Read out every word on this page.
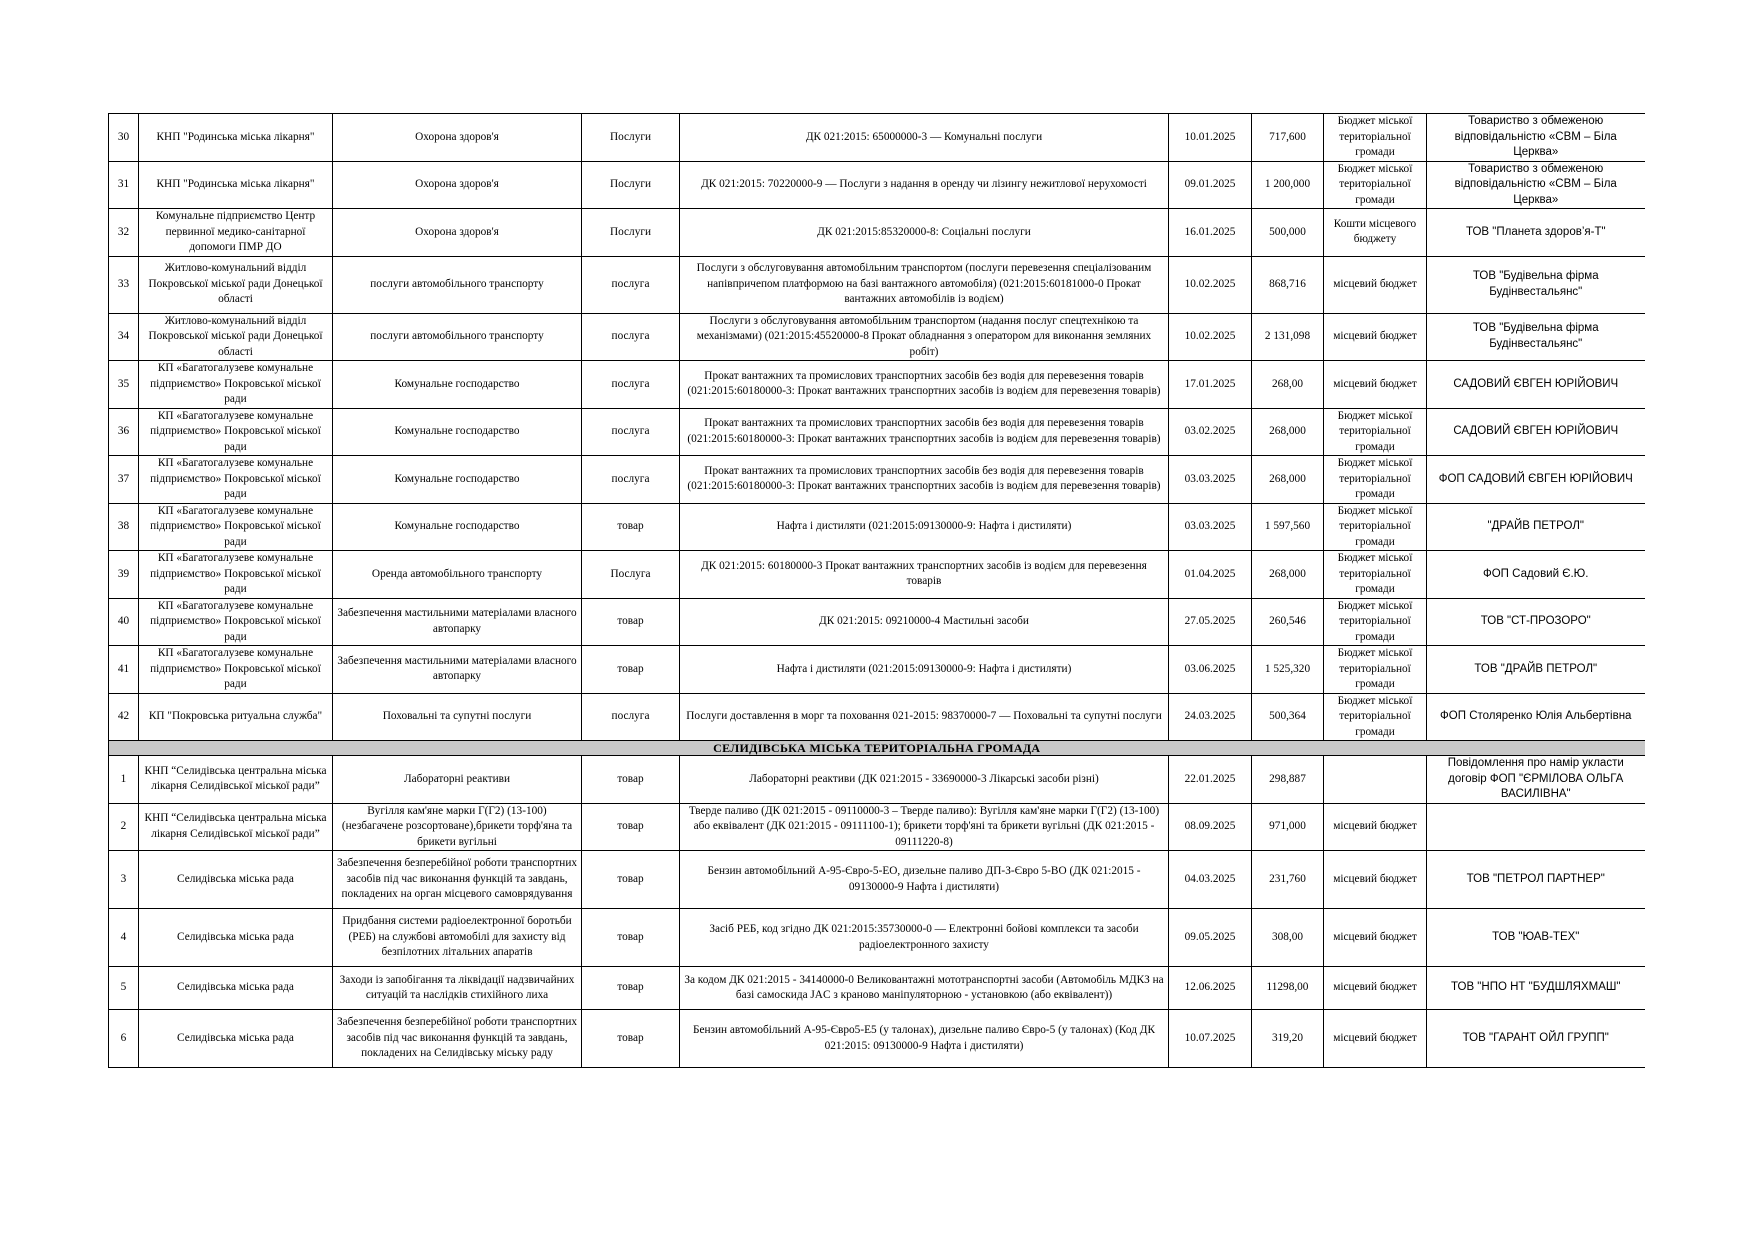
30	КНП "Родинська міська лікарня"	Охорона здоров'я	Послуги	ДК 021:2015: 65000000-3 — Комунальні послуги	10.01.2025	717,600	Бюджет міської територіальної громади	Товариство з обмеженою відповідальністю «СВМ – Біла Церква»
31	КНП "Родинська міська лікарня"	Охорона здоров'я	Послуги	ДК 021:2015: 70220000-9 — Послуги з надання в оренду чи лізингу нежитлової нерухомості	09.01.2025	1 200,000	Бюджет міської територіальної громади	Товариство з обмеженою відповідальністю «СВМ – Біла Церква»
32	Комунальне підприємство Центр первинної медико-санітарної допомоги ПМР ДО	Охорона здоров'я	Послуги	ДК 021:2015:85320000-8: Соціальні послуги	16.01.2025	500,000	Кошти місцевого бюджету	ТОВ "Планета здоров’я-Т"
33	Житлово-комунальний відділ Покровської міської ради Донецької області	послуги автомобільного транспорту	послуга	Послуги з обслуговування автомобільним транспортом (послуги перевезення спеціалізованим напівпричепом платформою на базі вантажного автомобіля) (021:2015:60181000-0 Прокат вантажних автомобілів із водієм)	10.02.2025	868,716	місцевий бюджет	ТОВ "Будівельна фірма Будінвестальянс"
34	Житлово-комунальний відділ Покровської міської ради Донецької області	послуги автомобільного транспорту	послуга	Послуги з обслуговування автомобільним транспортом (надання послуг спецтехнікою та механізмами) (021:2015:45520000-8 Прокат обладнання з оператором для виконання земляних робіт)	10.02.2025	2 131,098	місцевий бюджет	ТОВ "Будівельна фірма Будінвестальянс"
35	КП «Багатогалузеве комунальне підприємство» Покровської міської ради	Комунальне господарство	послуга	Прокат вантажних та промислових транспортних засобів без водія для перевезення товарів (021:2015:60180000-3: Прокат вантажних транспортних засобів із водієм для перевезення товарів)	17.01.2025	268,00	місцевий бюджет	САДОВИЙ ЄВГЕН ЮРІЙОВИЧ
36	КП «Багатогалузеве комунальне підприємство» Покровської міської ради	Комунальне господарство	послуга	Прокат вантажних та промислових транспортних засобів без водія для перевезення товарів (021:2015:60180000-3: Прокат вантажних транспортних засобів із водієм для перевезення товарів)	03.02.2025	268,000	Бюджет міської територіальної громади	САДОВИЙ ЄВГЕН ЮРІЙОВИЧ
37	КП «Багатогалузеве комунальне підприємство» Покровської міської ради	Комунальне господарство	послуга	Прокат вантажних та промислових транспортних засобів без водія для перевезення товарів (021:2015:60180000-3: Прокат вантажних транспортних засобів із водієм для перевезення товарів)	03.03.2025	268,000	Бюджет міської територіальної громади	ФОП САДОВИЙ ЄВГЕН ЮРІЙОВИЧ
38	КП «Багатогалузеве комунальне підприємство» Покровської міської ради	Комунальне господарство	товар	Нафта і дистиляти (021:2015:09130000-9: Нафта і дистиляти)	03.03.2025	1 597,560	Бюджет міської територіальної громади	"ДРАЙВ ПЕТРОЛ"
39	КП «Багатогалузеве комунальне підприємство» Покровської міської ради	Оренда автомобільного транспорту	Послуга	ДК 021:2015: 60180000-3 Прокат вантажних транспортних засобів із водієм для перевезення товарів	01.04.2025	268,000	Бюджет міської територіальної громади	ФОП Садовий Є.Ю.
40	КП «Багатогалузеве комунальне підприємство» Покровської міської ради	Забезпечення мастильними матеріалами власного автопарку	товар	ДК 021:2015: 09210000-4 Мастильні засоби	27.05.2025	260,546	Бюджет міської територіальної громади	ТОВ "СТ-ПРОЗОРО"
41	КП «Багатогалузеве комунальне підприємство» Покровської міської ради	Забезпечення мастильними матеріалами власного автопарку	товар	Нафта і дистиляти (021:2015:09130000-9: Нафта і дистиляти)	03.06.2025	1 525,320	Бюджет міської територіальної громади	ТОВ "ДРАЙВ ПЕТРОЛ"
42	КП "Покровська ритуальна служба"	Поховальні та супутні послуги	послуга	Послуги доставлення в морг та поховання 021-2015: 98370000-7 — Поховальні та супутні послуги	24.03.2025	500,364	Бюджет міської територіальної громади	ФОП Столяренко Юлія Альбертівна
СЕЛИДІВСЬКА МІСЬКА ТЕРИТОРІАЛЬНА ГРОМАДА								
1	КНП “Селидівська центральна міська лікарня Селидівської міської ради”	Лабораторні реактиви	товар	Лабораторні реактиви (ДК 021:2015 - 33690000-3 Лікарські засоби різні)	22.01.2025	298,887		Повідомлення про намір укласти договір ФОП "ЄРМІЛОВА ОЛЬГА ВАСИЛІВНА"
2	КНП “Селидівська центральна міська лікарня Селидівської міської ради”	Вугілля кам'яне марки Г(Г2) (13-100) (незбагачене розсортоване),брикети торф'яна та брикети вугільні	товар	Тверде паливо (ДК 021:2015 - 09110000-3 – Тверде паливо): Вугілля кам'яне марки Г(Г2) (13-100) або еквівалент (ДК 021:2015 - 09111100-1); брикети торф'яні та брикети вугільні (ДК 021:2015 - 09111220-8)	08.09.2025	971,000	місцевий бюджет	
3	Селидівська міська рада	Забезпечення безперебійної роботи транспортних засобів під час виконання функцій та завдань, покладених на орган місцевого самоврядування	товар	Бензин автомобільний А-95-Євро-5-ЕО, дизельне паливо ДП-З-Євро 5-ВО (ДК 021:2015 - 09130000-9 Нафта і дистиляти)	04.03.2025	231,760	місцевий бюджет	ТОВ "ПЕТРОЛ ПАРТНЕР"
4	Селидівська міська рада	Придбання системи радіоелектронної боротьби (РЕБ) на службові автомобілі для захисту від безпілотних літальних апаратів	товар	Засіб РЕБ, код згідно ДК 021:2015:35730000-0 — Електронні бойові комплекси та засоби радіоелектронного захисту	09.05.2025	308,00	місцевий бюджет	ТОВ "ЮАВ-ТЕХ"
5	Селидівська міська рада	Заходи із запобігання та ліквідації надзвичайних ситуацій та наслідків стихійного лиха	товар	За кодом ДК 021:2015 - 34140000-0 Великовантажні мототранспортні засоби (Автомобіль МДКЗ на базі самоскида JAC з краново маніпуляторною - установкою (або еквівалент))	12.06.2025	11298,00	місцевий бюджет	ТОВ "НПО НТ "БУДШЛЯХМАШ"
6	Селидівська міська рада	Забезпечення безперебійної роботи транспортних засобів під час виконання функцій та завдань, покладених на Селидівську міську раду	товар	Бензин автомобільний А-95-Євро5-Е5 (у талонах), дизельне паливо Євро-5 (у талонах) (Код ДК 021:2015: 09130000-9 Нафта і дистиляти)	10.07.2025	319,20	місцевий бюджет	ТОВ "ГАРАНТ ОЙЛ ГРУПП"
